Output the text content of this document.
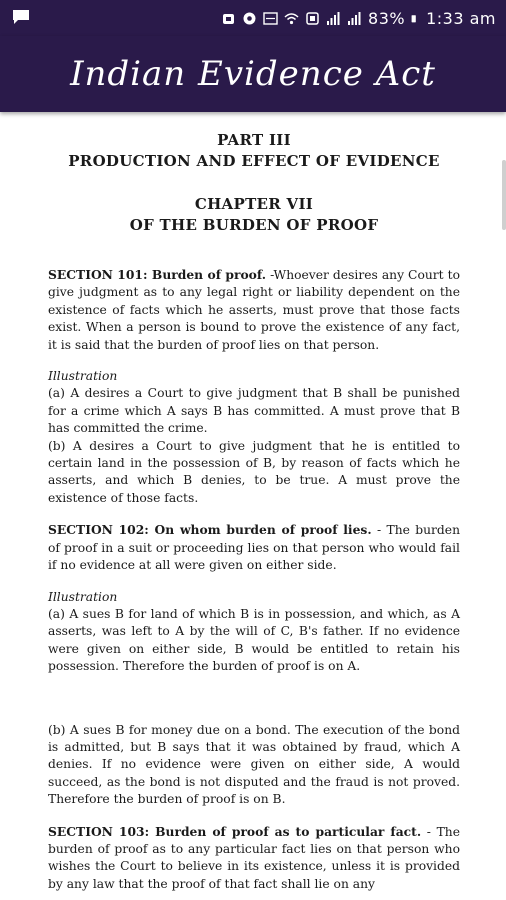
83% 1:33 am
Indian Evidence Act
PART III
PRODUCTION AND EFFECT OF EVIDENCE
CHAPTER VII
OF THE BURDEN OF PROOF
SECTION 101: Burden of proof. -Whoever desires any Court to give judgment as to any legal right or liability dependent on the existence of facts which he asserts, must prove that those facts exist. When a person is bound to prove the existence of any fact, it is said that the burden of proof lies on that person.
Illustration
(a) A desires a Court to give judgment that B shall be punished for a crime which A says B has committed. A must prove that B has committed the crime.
(b) A desires a Court to give judgment that he is entitled to certain land in the possession of B, by reason of facts which he asserts, and which B denies, to be true. A must prove the existence of those facts.
SECTION 102: On whom burden of proof lies. - The burden of proof in a suit or proceeding lies on that person who would fail if no evidence at all were given on either side.
Illustration
(a) A sues B for land of which B is in possession, and which, as A asserts, was left to A by the will of C, B's father. If no evidence were given on either side, B would be entitled to retain his possession. Therefore the burden of proof is on A.
(b) A sues B for money due on a bond. The execution of the bond is admitted, but B says that it was obtained by fraud, which A denies. If no evidence were given on either side, A would succeed, as the bond is not disputed and the fraud is not proved. Therefore the burden of proof is on B.
SECTION 103: Burden of proof as to particular fact. - The burden of proof as to any particular fact lies on that person who wishes the Court to believe in its existence, unless it is provided by any law that the proof of that fact shall lie on any
